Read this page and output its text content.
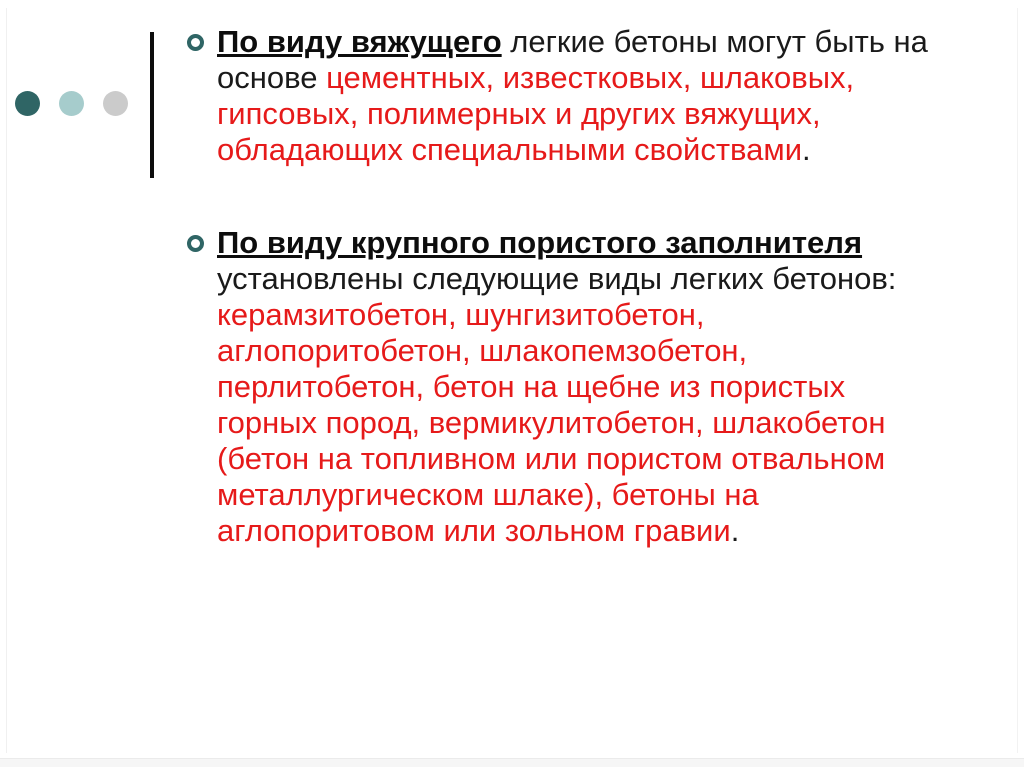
По виду вяжущего легкие бетоны могут быть на основе цементных, известковых, шлаковых, гипсовых, полимерных и других вяжущих, обладающих специальными свойствами.

По виду крупного пористого заполнителя установлены следующие виды легких бетонов: керамзитобетон, шунгизитобетон, аглопоритобетон, шлакопемзобетон, перлитобетон, бетон на щебне из пористых горных пород, вермикулитобетон, шлакобетон (бетон на топливном или пористом отвальном металлургическом шлаке), бетоны на аглопоритовом или зольном гравии.
